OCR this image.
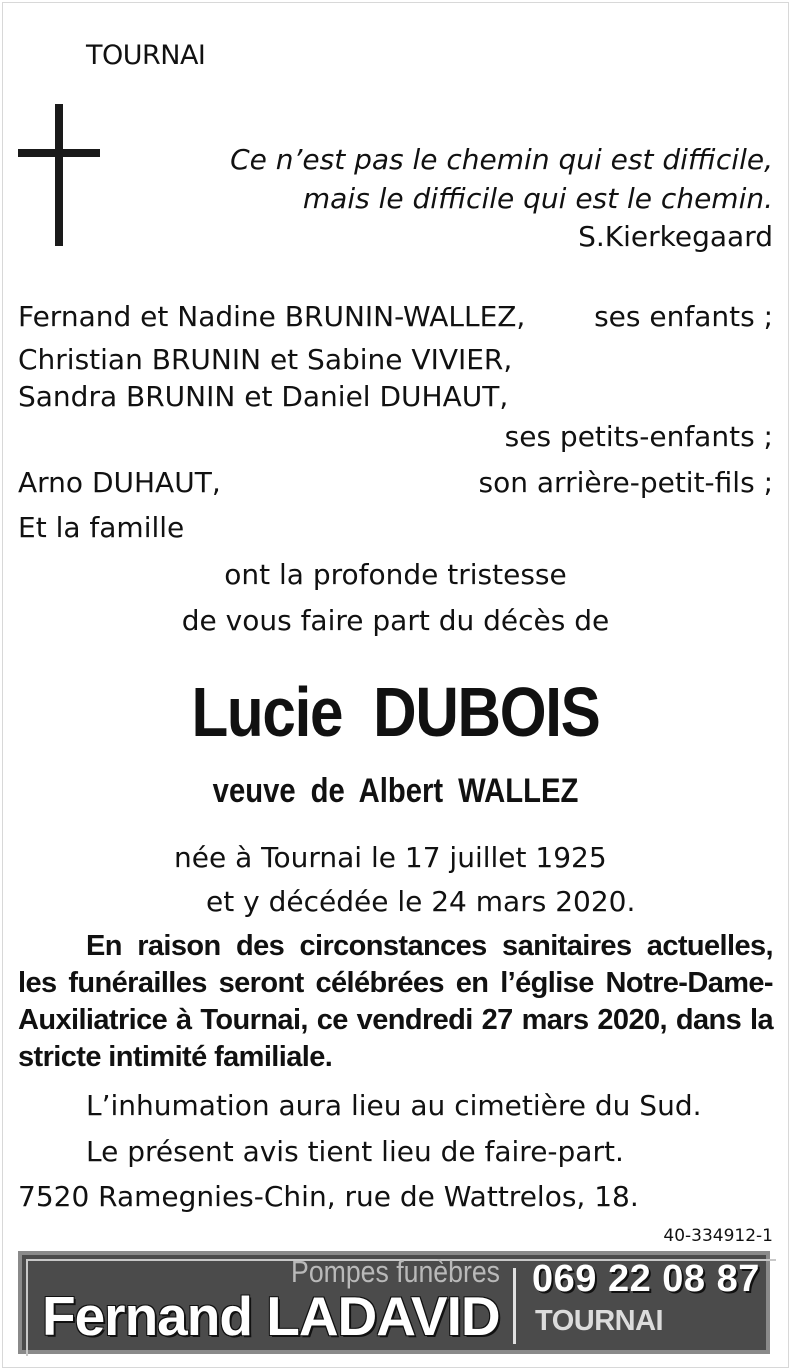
TOURNAI
Ce n’est pas le chemin qui est difficile,
mais le difficile qui est le chemin.
S.Kierkegaard
Fernand et Nadine BRUNIN-WALLEZ, ses enfants ;
Christian BRUNIN et Sabine VIVIER,
Sandra BRUNIN et Daniel DUHAUT,
ses petits-enfants ;
Arno DUHAUT,	son arrière-petit-fils ;
Et la famille
ont la profonde tristesse
de vous faire part du décès de
Lucie DUBOIS
veuve de Albert WALLEZ
née à Tournai le 17 juillet 1925
et y décédée le 24 mars 2020.
En raison des circonstances sanitaires actuelles, les funérailles seront célébrées en l’église Notre-Dame-Auxiliatrice à Tournai, ce vendredi 27 mars 2020, dans la stricte intimité familiale.
L’inhumation aura lieu au cimetière du Sud.
Le présent avis tient lieu de faire-part.
7520 Ramegnies-Chin, rue de Wattrelos, 18.
40-334912-1
Pompes funèbres
Fernand LADAVID
069 22 08 87
TOURNAI
